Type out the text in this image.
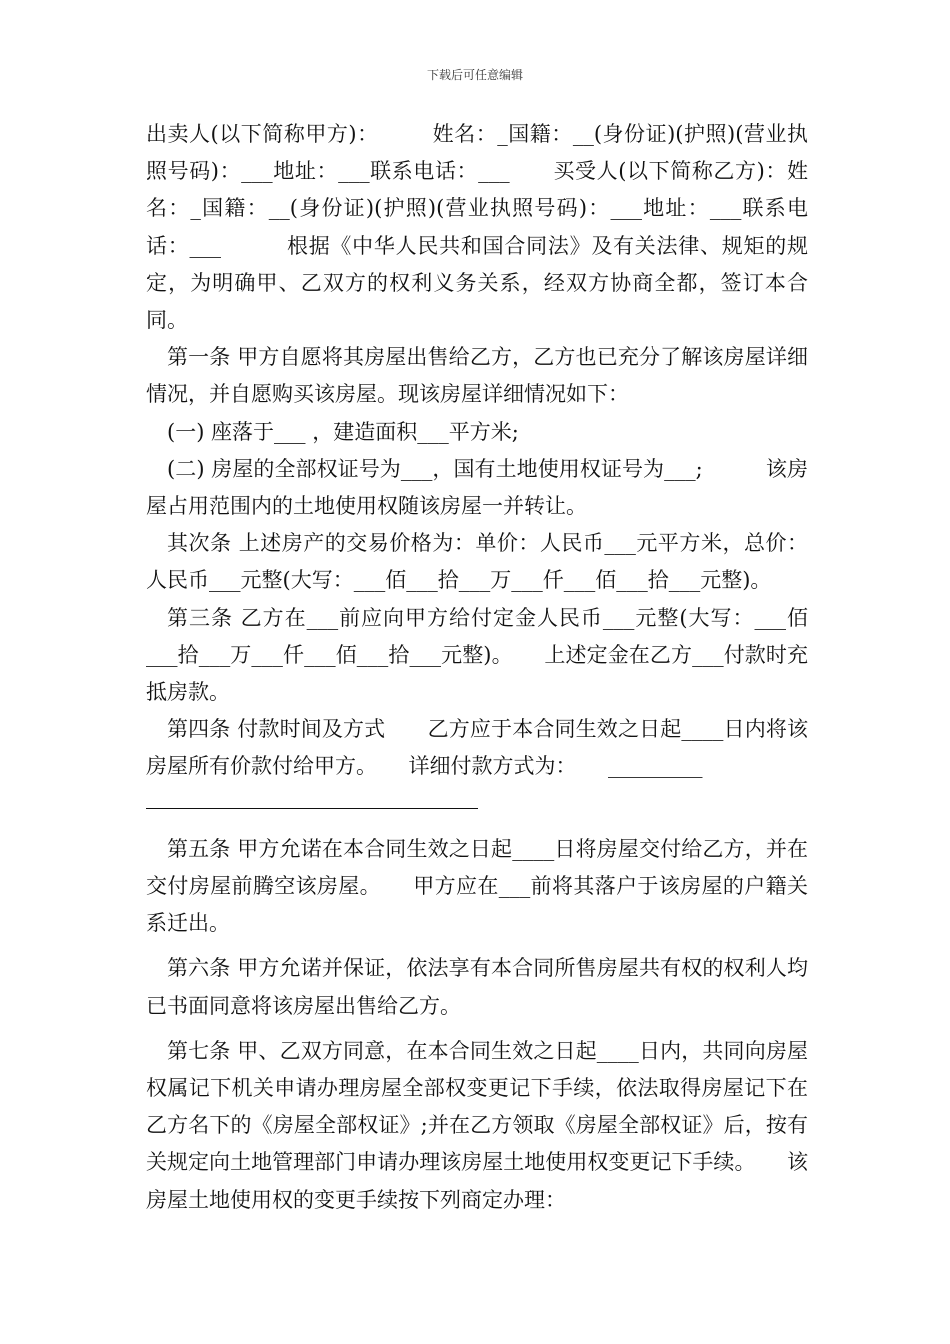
下载后可任意编辑

出卖人(以下简称甲方)：　　　姓名：_国籍：__(身份证)(护照)(营业执照号码)：___地址：___联系电话：___　　买受人(以下简称乙方)：姓名：_国籍：__(身份证)(护照)(营业执照号码)：___地址：___联系电话：___　　　根据《中华人民共和国合同法》及有关法律、规矩的规定，为明确甲、乙双方的权利义务关系，经双方协商全都，签订本合同。

第一条 甲方自愿将其房屋出售给乙方，乙方也已充分了解该房屋详细情况，并自愿购买该房屋。现该房屋详细情况如下：

(一) 座落于___ ，建造面积___平方米;

(二) 房屋的全部权证号为___，国有土地使用权证号为___;　　　该房屋占用范围内的土地使用权随该房屋一并转让。

其次条 上述房产的交易价格为：单价：人民币___元平方米，总价：人民币___元整(大写：___佰___拾___万___仟___佰___拾___元整)。

第三条 乙方在___前应向甲方给付定金人民币___元整(大写：___佰___拾___万___仟___佰___拾___元整)。　　上述定金在乙方___付款时充抵房款。

第四条 付款时间及方式　　乙方应于本合同生效之日起____日内将该房屋所有价款付给甲方。　　详细付款方式为：　　_________

第五条 甲方允诺在本合同生效之日起____日将房屋交付给乙方，并在交付房屋前腾空该房屋。　　甲方应在___前将其落户于该房屋的户籍关系迁出。

第六条 甲方允诺并保证，依法享有本合同所售房屋共有权的权利人均已书面同意将该房屋出售给乙方。

第七条 甲、乙双方同意，在本合同生效之日起____日内，共同向房屋权属记下机关申请办理房屋全部权变更记下手续，依法取得房屋记下在乙方名下的《房屋全部权证》;并在乙方领取《房屋全部权证》后，按有关规定向土地管理部门申请办理该房屋土地使用权变更记下手续。　　该房屋土地使用权的变更手续按下列商定办理：
